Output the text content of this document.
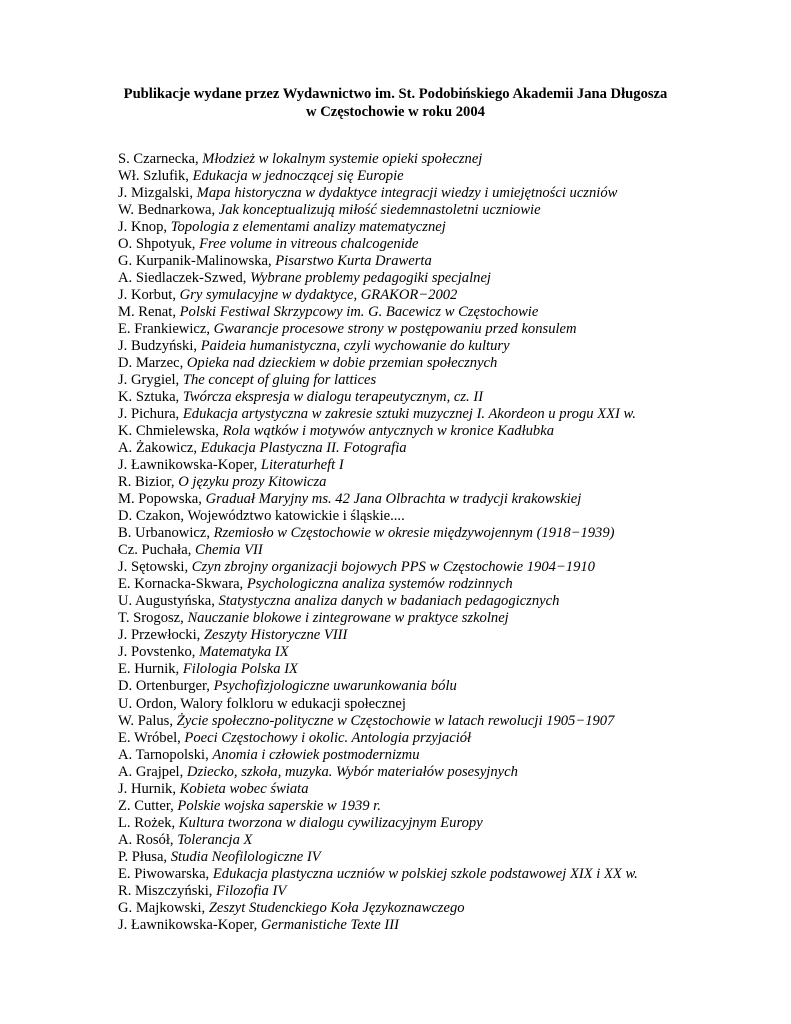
Publikacje wydane przez Wydawnictwo im. St. Podobińskiego Akademii Jana Długosza
w Częstochowie w roku 2004
S. Czarnecka, Młodzież w lokalnym systemie opieki społecznej
Wł. Szlufik, Edukacja w jednoczącej się Europie
J. Mizgalski, Mapa historyczna w dydaktyce integracji wiedzy i umiejętności uczniów
W. Bednarkowa, Jak konceptualizują miłość siedemnastoletni uczniowie
J. Knop, Topologia z elementami analizy matematycznej
O. Shpotyuk, Free volume in vitreous chalcogenide
G. Kurpanik-Malinowska, Pisarstwo Kurta Drawerta
A. Siedlaczek-Szwed, Wybrane problemy pedagogiki specjalnej
J. Korbut, Gry symulacyjne w dydaktyce, GRAKOR−2002
M. Renat, Polski Festiwal Skrzypcowy im. G. Bacewicz w Częstochowie
E. Frankiewicz, Gwarancje procesowe strony w postępowaniu przed konsulem
J. Budzyński, Paideia humanistyczna, czyli wychowanie do kultury
D. Marzec, Opieka nad dzieckiem w dobie przemian społecznych
J. Grygiel, The concept of gluing for lattices
K. Sztuka, Twórcza ekspresja w dialogu terapeutycznym, cz. II
J. Pichura, Edukacja artystyczna w zakresie sztuki muzycznej I. Akordeon u progu XXI w.
K. Chmielewska, Rola wątków i motywów antycznych w kronice Kadłubka
A. Żakowicz, Edukacja Plastyczna II. Fotografia
J. Ławnikowska-Koper, Literaturheft I
R. Bizior, O języku prozy Kitowicza
M. Popowska, Graduał Maryjny ms. 42 Jana Olbrachta w tradycji krakowskiej
D. Czakon, Województwo katowickie i śląskie....
B. Urbanowicz, Rzemiosło w Częstochowie w okresie międzywojennym (1918−1939)
Cz. Puchała, Chemia VII
J. Sętowski, Czyn zbrojny organizacji bojowych PPS w Częstochowie 1904−1910
E. Kornacka-Skwara, Psychologiczna analiza systemów rodzinnych
U. Augustyńska, Statystyczna analiza danych w badaniach pedagogicznych
T. Srogosz, Nauczanie blokowe i zintegrowane w praktyce szkolnej
J. Przewłocki, Zeszyty Historyczne VIII
J. Povstenko, Matematyka IX
E. Hurnik, Filologia Polska IX
D. Ortenburger, Psychofizjologiczne uwarunkowania bólu
U. Ordon, Walory folkloru w edukacji społecznej
W. Palus, Życie społeczno-polityczne w Częstochowie w latach rewolucji 1905−1907
E. Wróbel, Poeci Częstochowy i okolic. Antologia przyjaciół
A. Tarnopolski, Anomia i człowiek postmodernizmu
A. Grajpel, Dziecko, szkoła, muzyka. Wybór materiałów posesyjnych
J. Hurnik, Kobieta wobec świata
Z. Cutter, Polskie wojska saperskie w 1939 r.
L. Rożek, Kultura tworzona w dialogu cywilizacyjnym Europy
A. Rosół, Tolerancja X
P. Płusa, Studia Neofilologiczne IV
E. Piwowarska, Edukacja plastyczna uczniów w polskiej szkole podstawowej XIX i XX w.
R. Miszczyński, Filozofia IV
G. Majkowski, Zeszyt Studenckiego Koła Językoznawczego
J. Ławnikowska-Koper, Germanistiche Texte III
